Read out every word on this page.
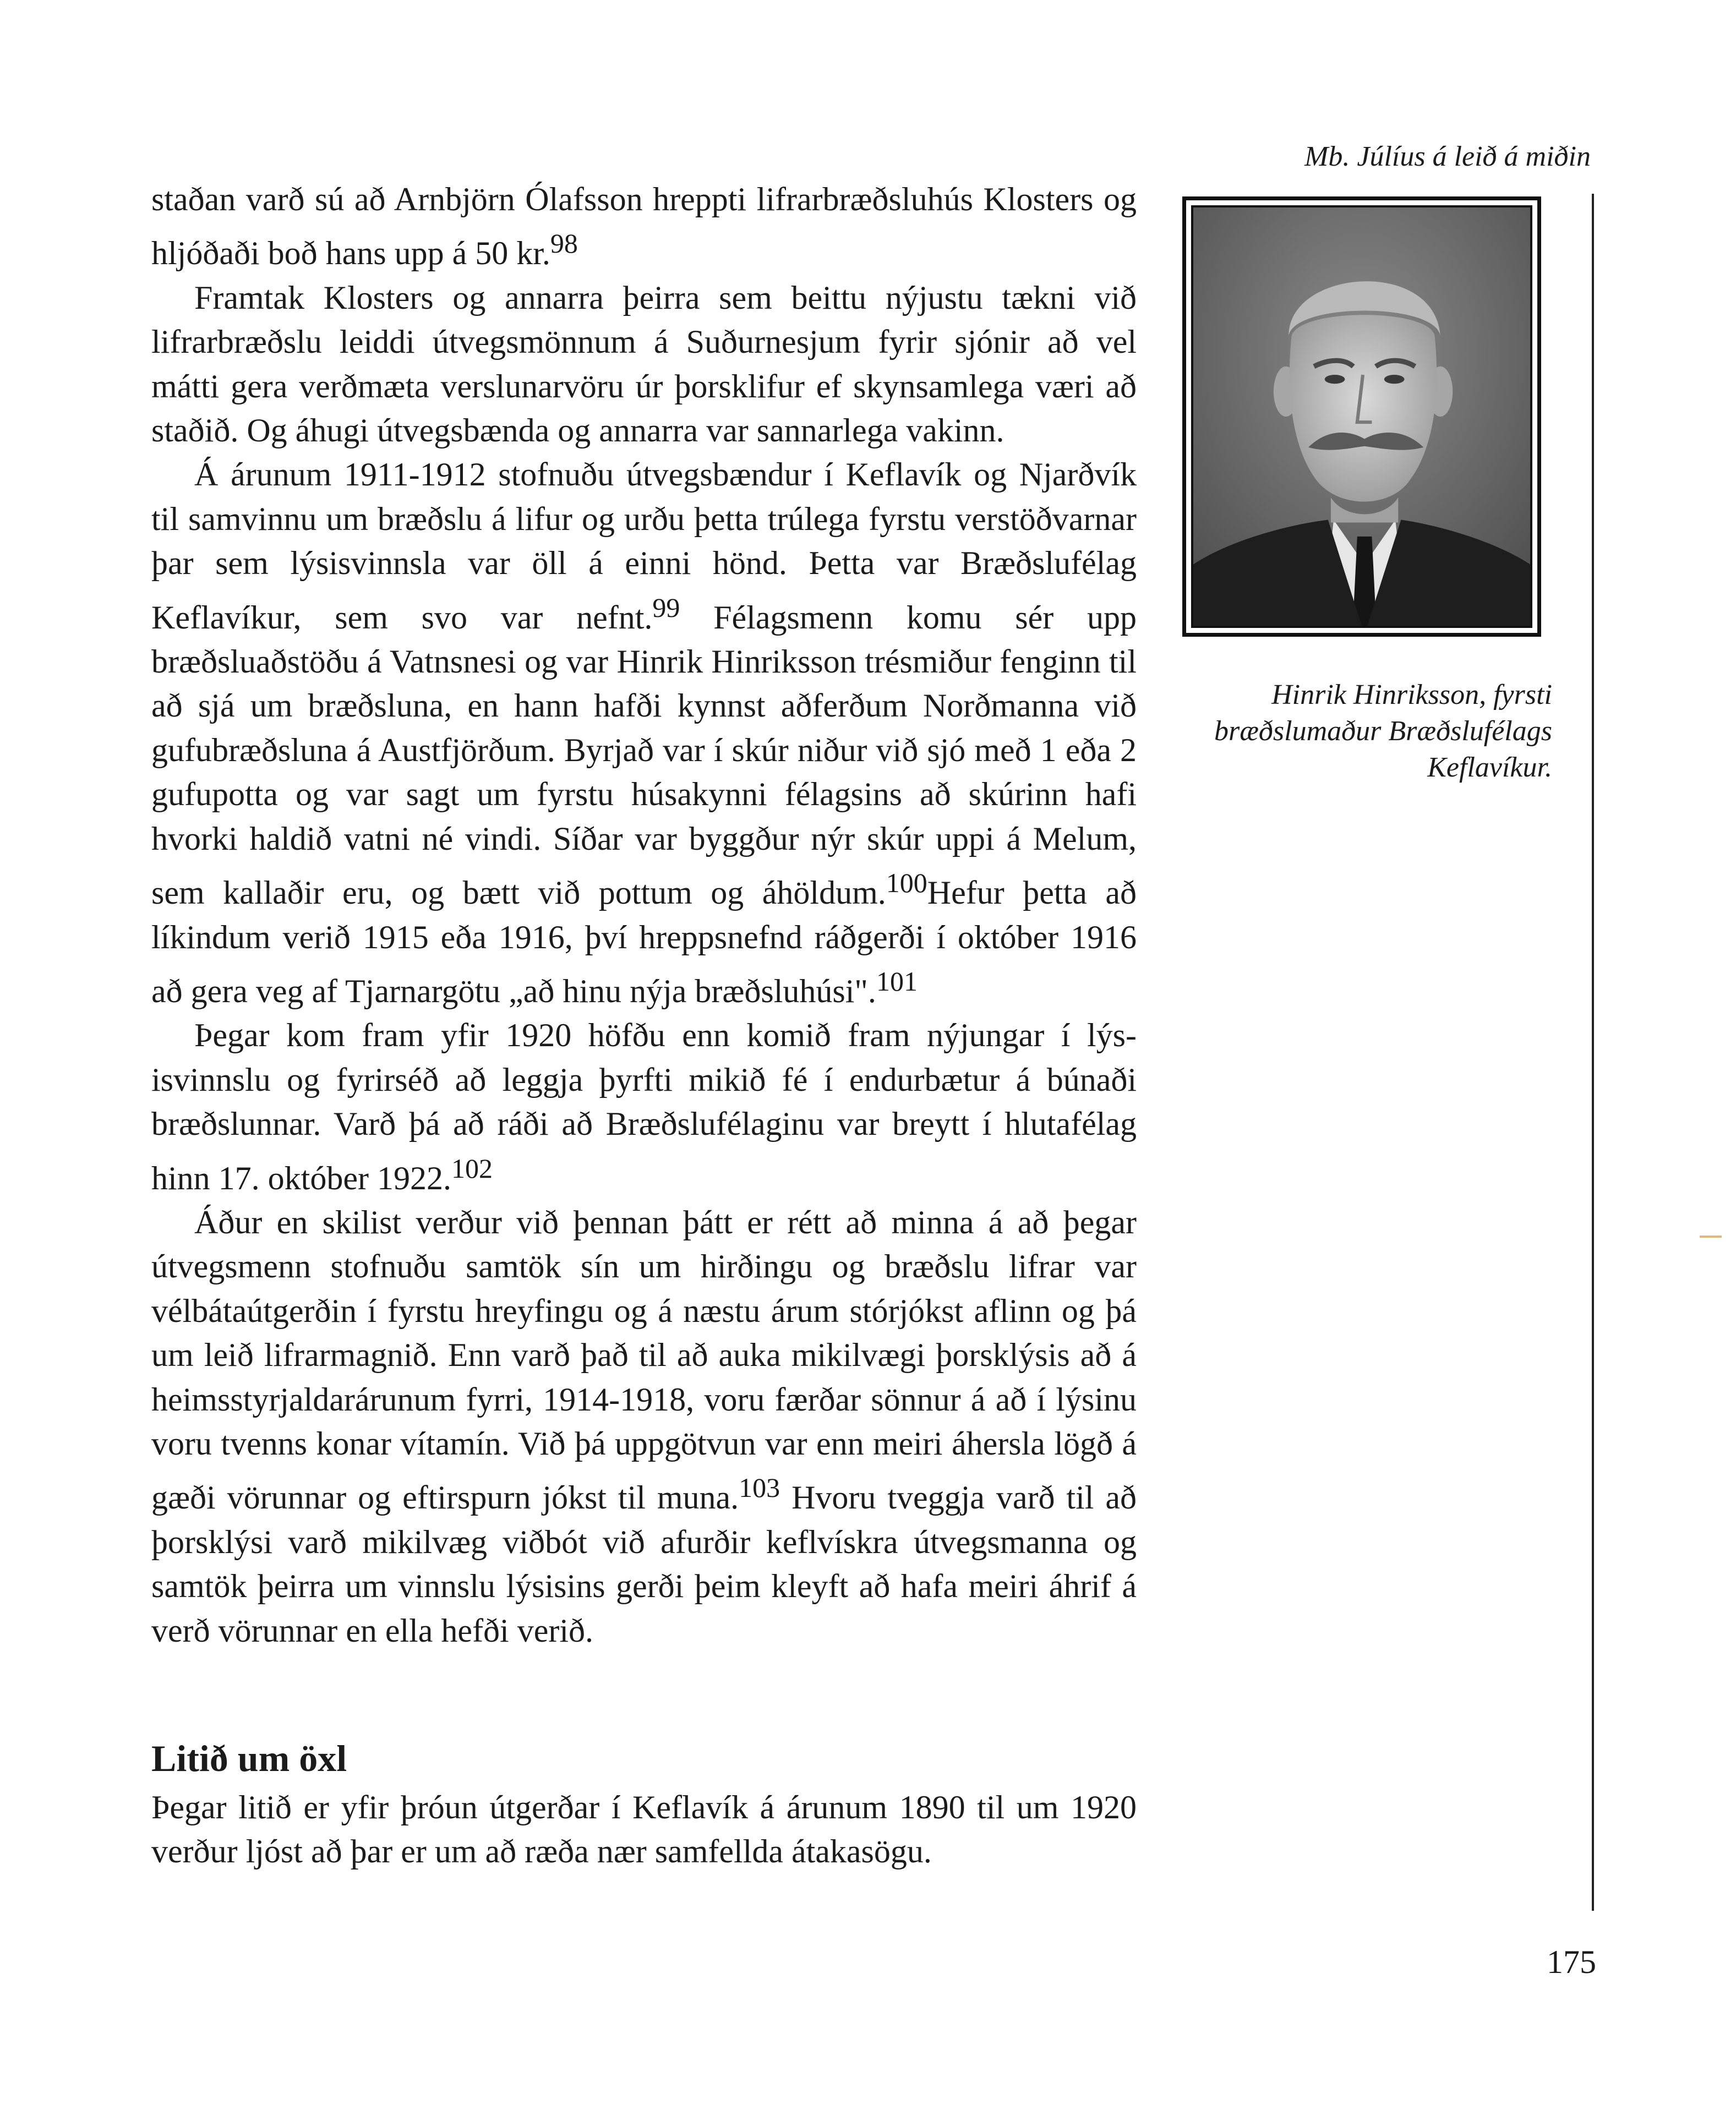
Mb. Júlíus á leið á miðin

staðan varð sú að Arnbjörn Ólafsson hreppti lifrarbræðsluhús Klosters og hljóðaði boð hans upp á 50 kr.$^{98}$

Framtak Klosters og annarra þeirra sem beittu nýjustu tækni við lifrarbræðslu leiddi útvegsmönnum á Suðurnesjum fyrir sjónir að vel mátti gera verðmæta verslunarvöru úr þorsklifur ef skynsamlega væri að staðið. Og áhugi útvegsbænda og annarra var sannarlega vakinn.

Á árunum 1911-1912 stofnuðu útvegsbændur í Keflavík og Njarðvík til samvinnu um bræðslu á lifur og urðu þetta trúlega fyrstu verstöðvarnar þar sem lýsisvinnsla var öll á einni hönd. Þetta var Bræðslufélag Keflavíkur, sem svo var nefnt.$^{99}$ Félagsmenn komu sér upp bræðsluaðstöðu á Vatnsnesi og var Hinrik Hinriksson trésmiður fenginn til að sjá um bræðsluna, en hann hafði kynnst aðferðum Norðmanna við gufubræðsluna á Austfjörðum. Byrjað var í skúr niður við sjó með 1 eða 2 gufupotta og var sagt um fyrstu húsakynni félagsins að skúrinn hafi hvorki haldið vatni né vindi. Síðar var byggður nýr skúr uppi á Melum, sem kallaðir eru, og bætt við pottum og áhöldum.$^{100}$Hefur þetta að líkindum verið 1915 eða 1916, því hreppsnefnd ráðgerði í október 1916 að gera veg af Tjarnargötu „að hinu nýja bræðsluhúsi".$^{101}$

Þegar kom fram yfir 1920 höfðu enn komið fram nýjungar í lýsisvinnslu og fyrirséð að leggja þyrfti mikið fé í endurbætur á búnaði bræðslunnar. Varð þá að ráði að Bræðslufélaginu var breytt í hlutafélag hinn 17. október 1922.$^{102}$

Áður en skilist verður við þennan þátt er rétt að minna á að þegar útvegsmenn stofnuðu samtök sín um hirðingu og bræðslu lifrar var vélbátaútgerðin í fyrstu hreyfingu og á næstu árum stórjókst aflinn og þá um leið lifrarmagnið. Enn varð það til að auka mikilvægi þorsklýsis að á heimsstyrjaldarárunum fyrri, 1914-1918, voru færðar sönnur á að í lýsinu voru tvenns konar vítamín. Við þá uppgötvun var enn meiri áhersla lögð á gæði vörunnar og eftirspurn jókst til muna.$^{103}$ Hvoru tveggja varð til að þorsklýsi varð mikilvæg viðbót við afurðir keflvískra útvegsmanna og samtök þeirra um vinnslu lýsisins gerði þeim kleyft að hafa meiri áhrif á verð vörunnar en ella hefði verið.

Litið um öxl

Þegar litið er yfir þróun útgerðar í Keflavík á árunum 1890 til um 1920 verður ljóst að þar er um að ræða nær samfellda átakasögu.

Hinrik Hinriksson, fyrsti
bræðslumaður Bræðslufélags
Keflavíkur.
175
